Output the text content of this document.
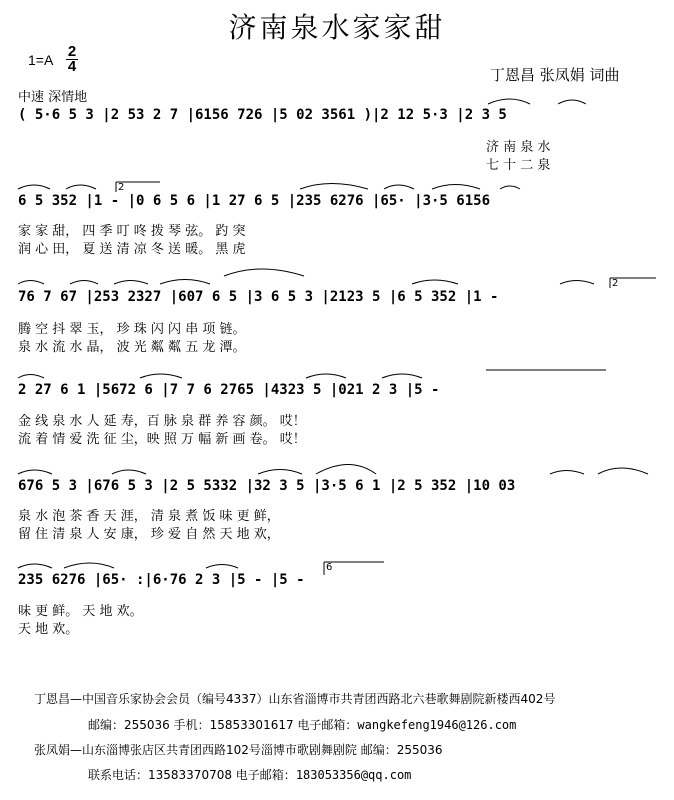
济南泉水家家甜
1=A 2
4	丁恩昌 张凤娟 词曲
中速 深情地
( 5·6 5 3 |2 53 2 7 |6156 726 |5 02 3561 )|2 12 5·3 |2 3 5
济 南 泉 水
七 十 二 泉
6 5 352 |1 - |0 6 5 6 |1 27 6 5 |235 6276 |65· |3·5 6156
家 家 甜， 四 季 叮 咚 拨 琴 弦。 趵 突
润 心 田， 夏 送 清 凉 冬 送 暖。 黑 虎
76 7 67 |253 2327 |607 6 5 |3 6 5 3 |2123 5 |6 5 352 |1 -
腾 空 抖 翠 玉， 珍 珠 闪 闪 串 项 链。
泉 水 流 水 晶， 波 光 粼 粼 五 龙 潭。
2 27 6 1 |5672 6 |7 7 6 2765 |4323 5 |021 2 3 |5 -
金 线 泉 水 人 延 寿，百 脉 泉 群 养 容 颜。 哎！
流 着 情 爱 洗 征 尘，映 照 万 幅 新 画 卷。 哎！
676 5 3 |676 5 3 |2 5 5332 |32 3 5 |3·5 6 1 |2 5 352 |10 03
泉 水 泡 茶 香 天 涯， 清 泉 煮 饭 味 更 鲜，
留 住 清 泉 人 安 康， 珍 爱 自 然 天 地 欢，
235 6276 |65· :|6·76 2 3 |5 - |5 -
味 更 鲜。 天 地 欢。
天 地 欢。
2
2
6
丁恩昌—中国音乐家协会会员（编号4337）山东省淄博市共青团西路北六巷歌舞剧院新楼西402号
邮编：255036 手机：15853301617 电子邮箱：wangkefeng1946@126.com
张凤娟—山东淄博张店区共青团西路102号淄博市歌剧舞剧院 邮编：255036
联系电话：13583370708 电子邮箱：183053356@qq.com
